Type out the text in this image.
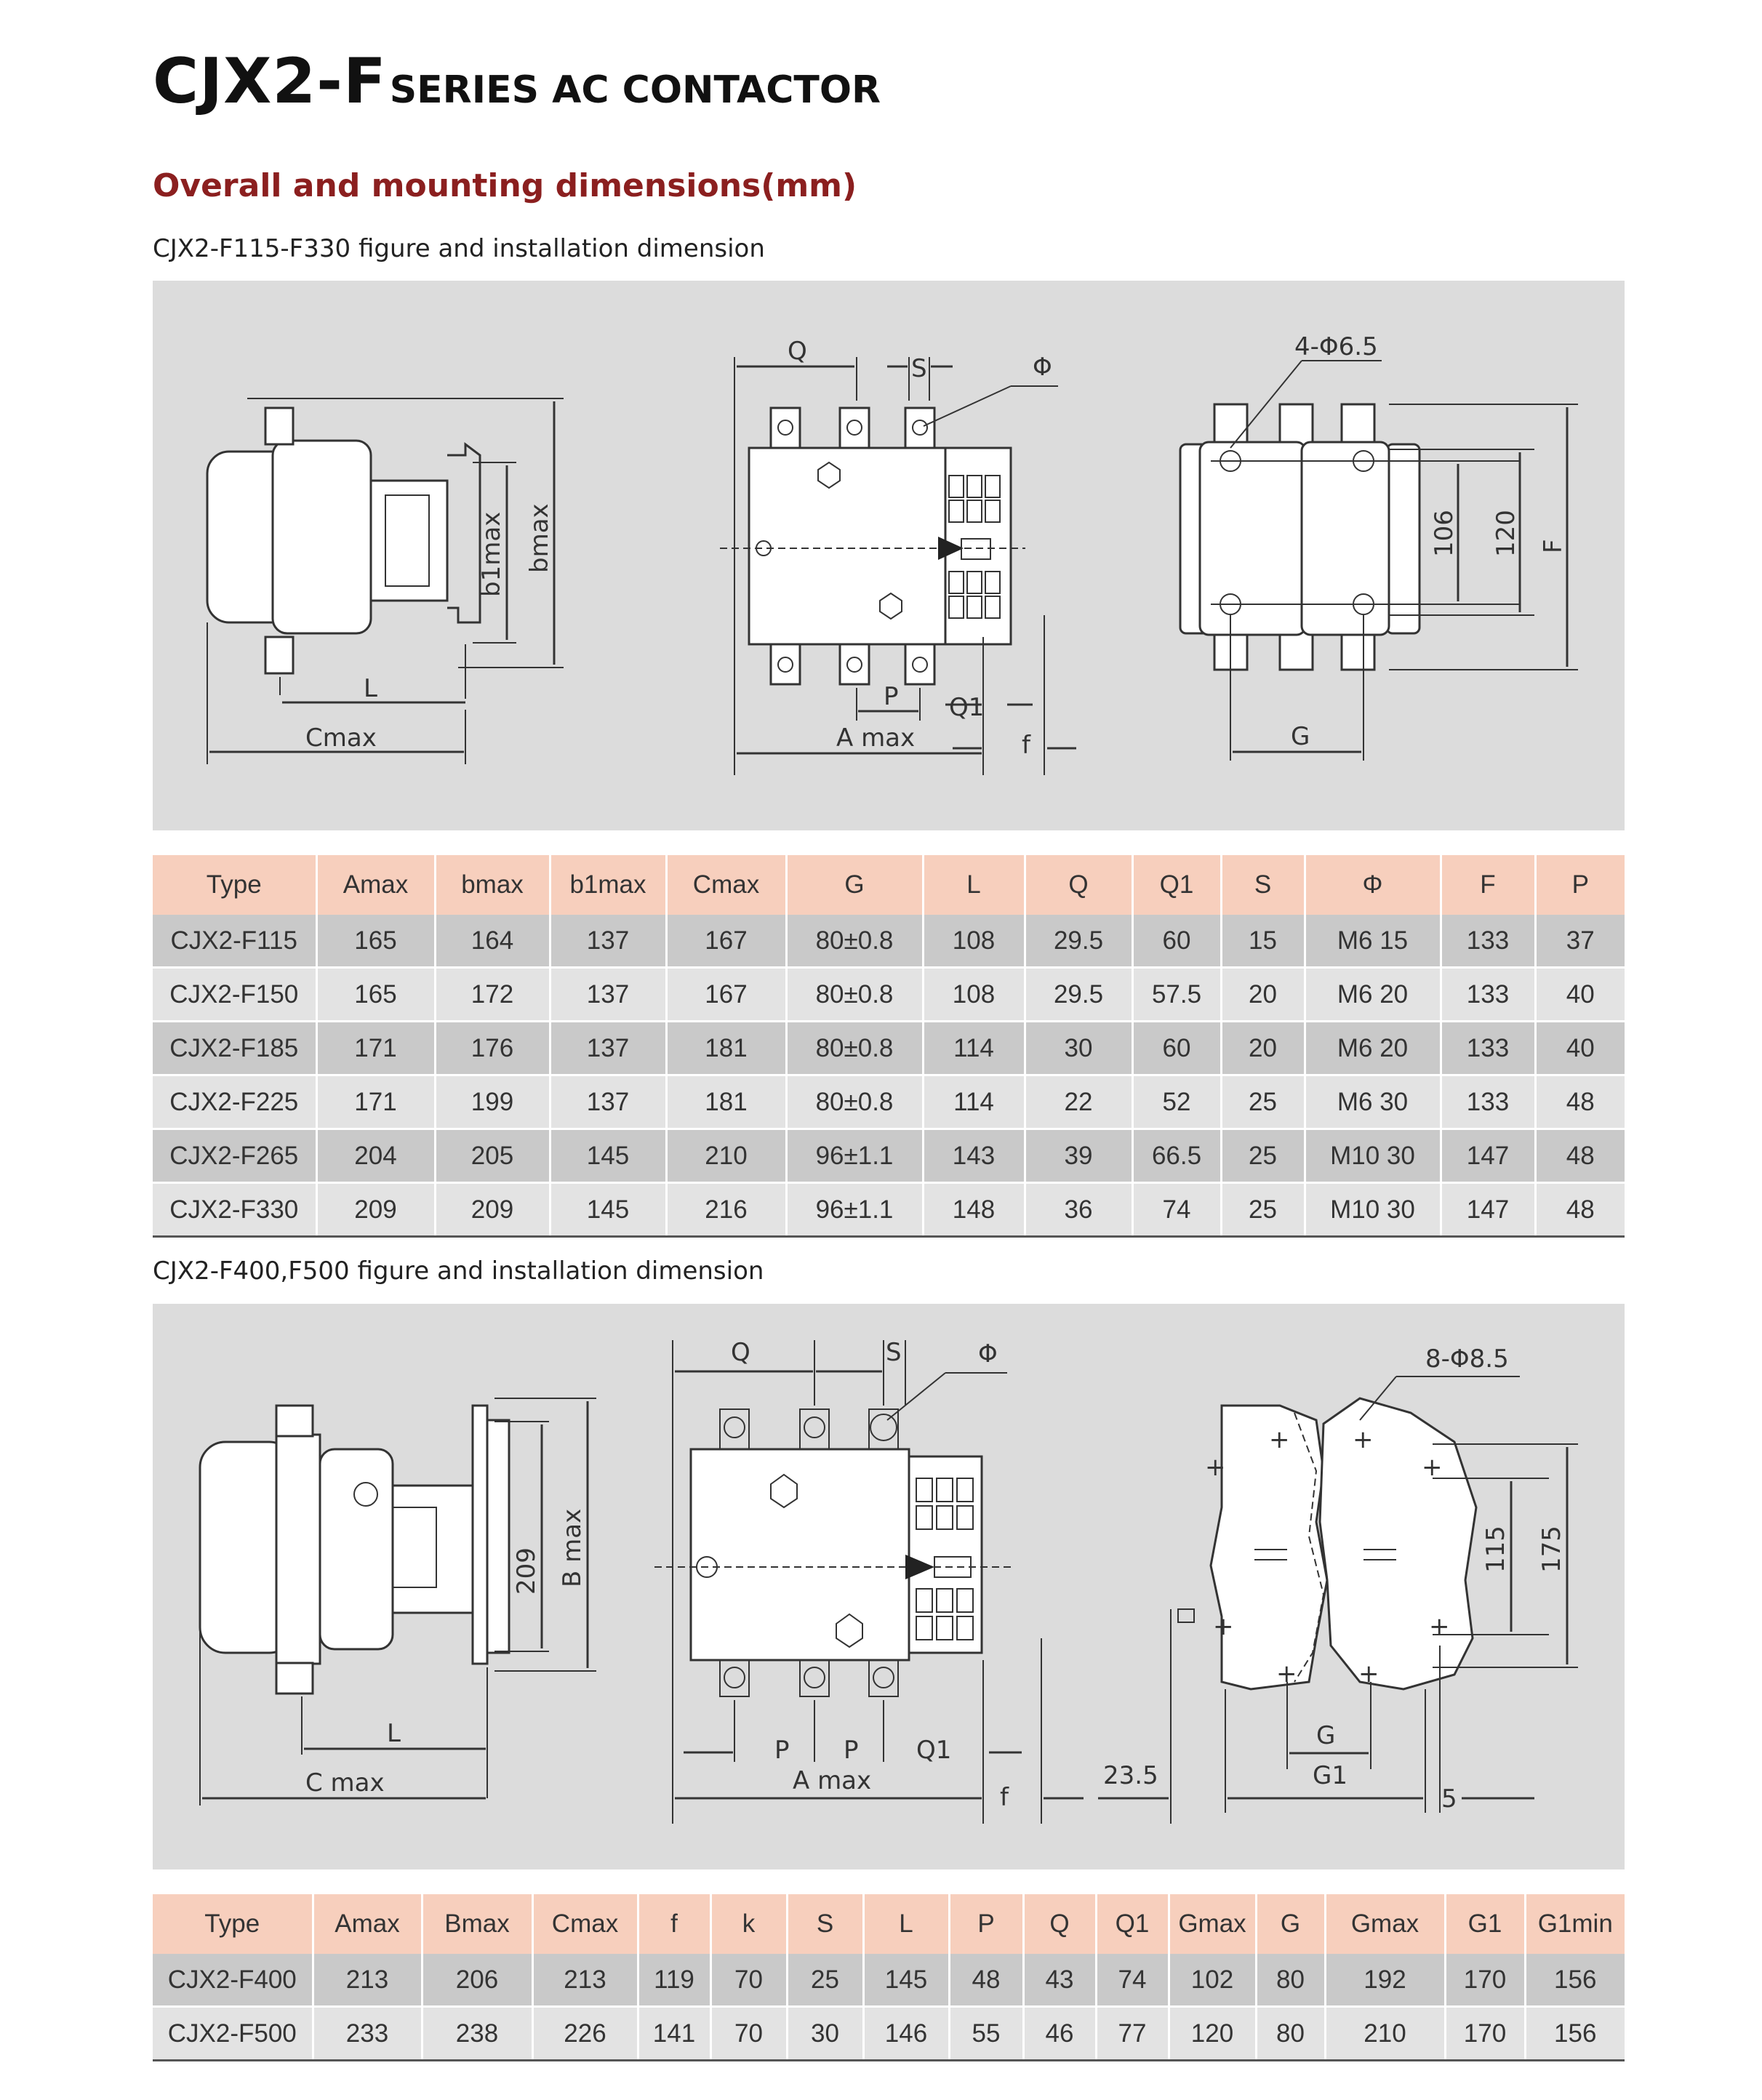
CJX2-FSERIES AC CONTACTOR
Overall and mounting dimensions(mm)
CJX2-F115-F330 figure and installation dimension
b1max bmax
L
Cmax
Q
S	Φ
P Q1
A max	f
4-Φ6.5
106 120 F
G
Type	Amax	bmax	b1max	Cmax	G	L	Q	Q1	S	Φ	F	P
CJX2-F115	165	164	137	167	80±0.8	108	29.5	60	15	M6 15	133	37
CJX2-F150	165	172	137	167	80±0.8	108	29.5	57.5	20	M6 20	133	40
CJX2-F185	171	176	137	181	80±0.8	114	30	60	20	M6 20	133	40
CJX2-F225	171	199	137	181	80±0.8	114	22	52	25	M6 30	133	48
CJX2-F265	204	205	145	210	96±1.1	143	39	66.5	25	M10 30	147	48
CJX2-F330	209	209	145	216	96±1.1	148	36	74	25	M10 30	147	48
CJX2-F400,F500 figure and installation dimension
B max
209
L
C max
Q	S	Φ
P P Q1
A max
f
23.5
+
+	+
+
+
+ +
+
8-Φ8.5
115 175
G
G1
5
Type	Amax	Bmax	Cmax	f	k	S	L	P	Q	Q1	Gmax	G	Gmax	G1	G1min
CJX2-F400	213	206	213	119	70	25	145	48	43	74	102	80	192	170	156
CJX2-F500	233	238	226	141	70	30	146	55	46	77	120	80	210	170	156
